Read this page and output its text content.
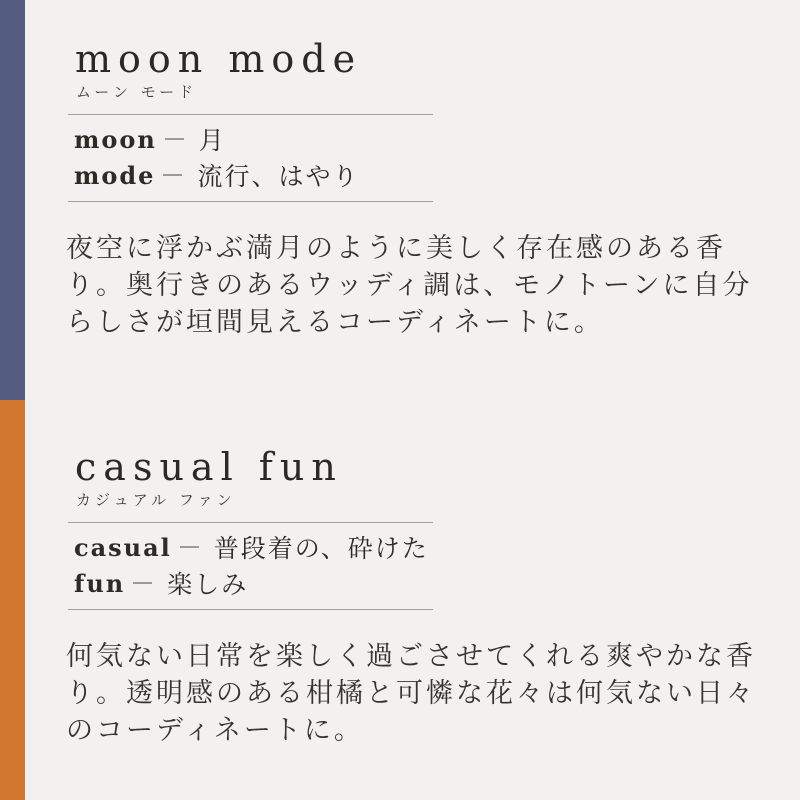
moon mode
ムーン モード
moon 月
mode 流行、はやり

夜空に浮かぶ満月のように美しく存在感のある香
り。奥行きのあるウッディ調は、モノトーンに自分
らしさが垣間見えるコーディネートに。

casual fun
カジュアル ファン
casual 普段着の、砕けた
fun 楽しみ

何気ない日常を楽しく過ごさせてくれる爽やかな香
り。透明感のある柑橘と可憐な花々は何気ない日々
のコーディネートに。
